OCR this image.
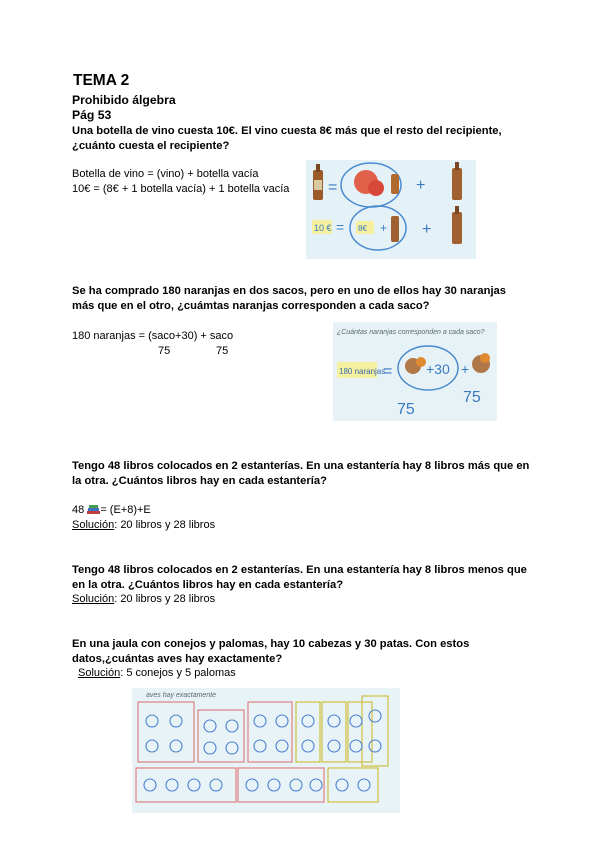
TEMA 2
Prohibido álgebra
Pág 53
Una botella de vino cuesta 10€. El vino cuesta 8€ más que el resto del recipiente,
¿cuánto cuesta el recipiente?
Botella de vino = (vino) + botella vacía
10€ = (8€ + 1 botella vacía) + 1 botella vacía =	+
10 € = 8€ + +
Se ha comprado 180 naranjas en dos sacos, pero en uno de ellos hay 30 naranjas
más que en el otro, ¿cuámtas naranjas corresponden a cada saco?
180 naranjas = (saco+30) + saco
75	75
¿Cuántas naranjas corresponden a cada saco?
180 naranjas
= +30 +
75
75
Tengo 48 libros colocados en 2 estanterías. En una estantería hay 8 libros más que en
la otra. ¿Cuántos libros hay en cada estantería?
48 = (E+8)+E
Solución: 20 libros y 28 libros
Tengo 48 libros colocados en 2 estanterías. En una estantería hay 8 libros menos que
en la otra. ¿Cuántos libros hay en cada estantería?
Solución: 20 libros y 28 libros
En una jaula con conejos y palomas, hay 10 cabezas y 30 patas. Con estos
datos,¿cuántas aves hay exactamente?
Solución: 5 conejos y 5 palomas
aves hay exactamente
